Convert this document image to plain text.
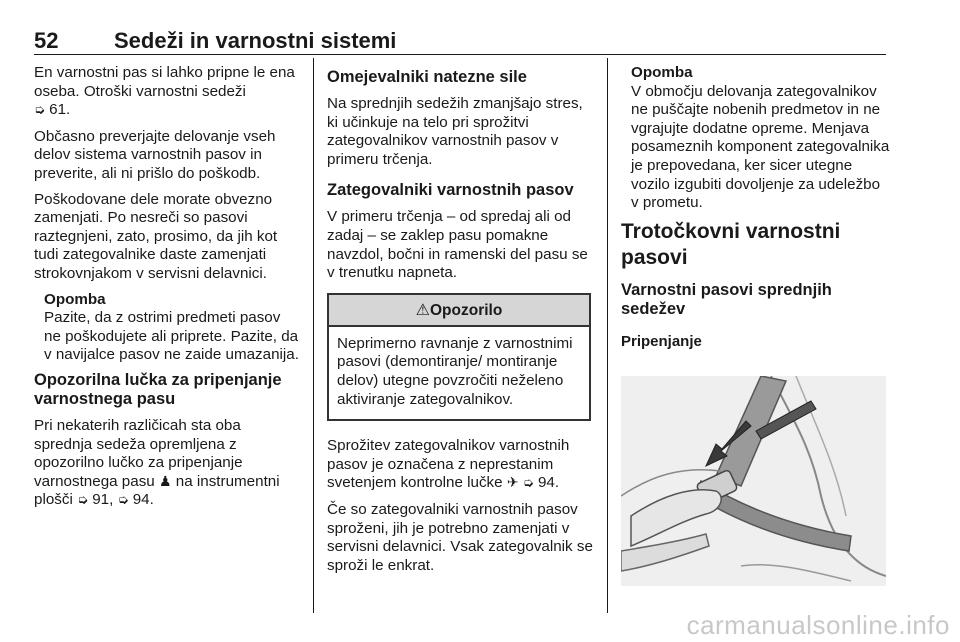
52	Sedeži in varnostni sistemi

En varnostni pas si lahko pripne le ena oseba. Otroški varnostni sedeži
➭ 61.

Občasno preverjajte delovanje vseh delov sistema varnostnih pasov in preverite, ali ni prišlo do poškodb.

Poškodovane dele morate obvezno zamenjati. Po nesreči so pasovi raztegnjeni, zato, prosimo, da jih kot tudi zategovalnike daste zamenjati strokovnjakom v servisni delavnici.

Opomba
Pazite, da z ostrimi predmeti pasov ne poškodujete ali priprete. Pazite, da v navijalce pasov ne zaide umazanija.
Opozorilna lučka za pripenjanje varnostnega pasu

Pri nekaterih različicah sta oba sprednja sedeža opremljena z opozorilno lučko za pripenjanje varnostnega pasu ♟ na instrumentni plošči ➭ 91, ➭ 94.

Omejevalniki natezne sile

Na sprednjih sedežih zmanjšajo stres, ki učinkuje na telo pri sprožitvi zategovalnikov varnostnih pasov v primeru trčenja.

Zategovalniki varnostnih pasov

V primeru trčenja – od spredaj ali od zadaj – se zaklep pasu pomakne navzdol, bočni in ramenski del pasu se v trenutku napneta.

⚠Opozorilo
Neprimerno ravnanje z varnostnimi pasovi (demontiranje/ montiranje delov) utegne povzročiti neželeno aktiviranje zategovalnikov.

Sprožitev zategovalnikov varnostnih pasov je označena z neprestanim svetenjem kontrolne lučke ✈ ➭ 94.

Če so zategovalniki varnostnih pasov sproženi, jih je potrebno zamenjati v servisni delavnici. Vsak zategovalnik se sproži le enkrat.

Opomba
V območju delovanja zategovalnikov ne puščajte nobenih predmetov in ne vgrajujte dodatne opreme. Menjava posameznih komponent zategovalnika je prepovedana, ker sicer utegne vozilo izgubiti dovoljenje za udeležbo v prometu.
Trotočkovni varnostni pasovi
Varnostni pasovi sprednjih sedežev
Pripenjanje
carmanualsonline.info
